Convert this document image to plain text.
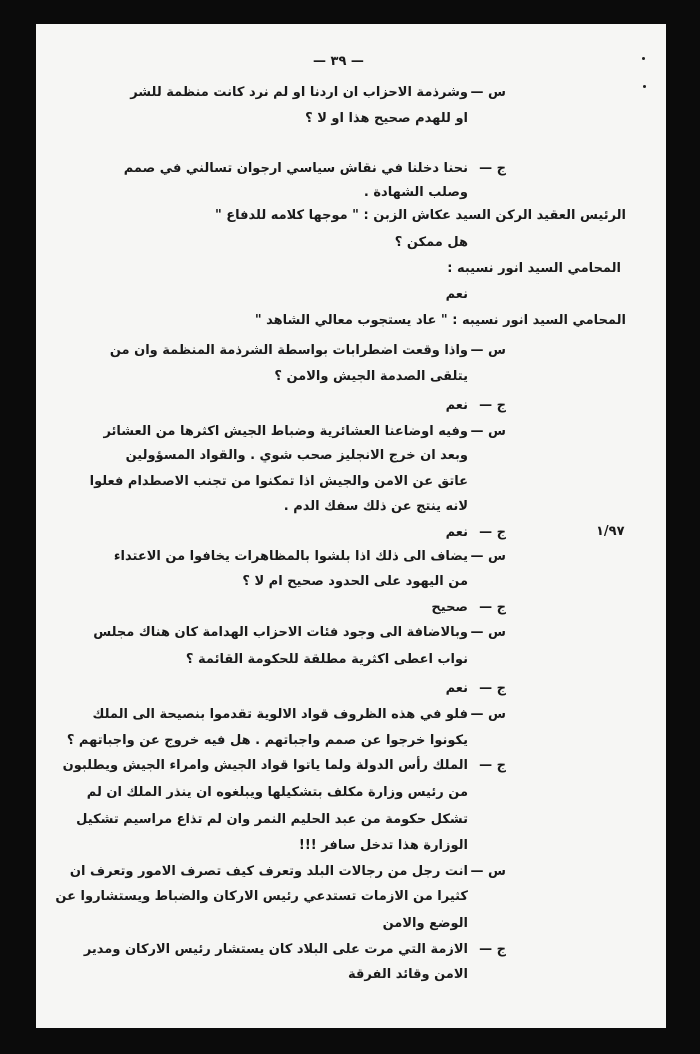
— ٣٩ —
١/٩٧
س —
وشرذمة الاحزاب ان اردنا او لم نرد كانت منظمة للشر
او للهدم صحيح هذا او لا ؟
ج —
نحنا دخلنا في نقاش سياسي ارجوان تسالني في صمم
وصلب الشهادة .
الرئيس العقيد الركن السيد عكاش الزبن : " موجها كلامه للدفاع "
هل ممكن ؟
المحامي السيد انور نسيبه :
نعم
المحامي السيد انور نسيبه : " عاد يستجوب معالي الشاهد "
س —
واذا وقعت اضطرابات بواسطة الشرذمة المنظمة وان من
يتلقى الصدمة الجيش والامن ؟
ج —
نعم
س —
وفيه اوضاعنا العشائرية وضباط الجيش اكثرها من العشائر
وبعد ان خرج الانجليز صحب شوي . والقواد المسؤولين
عاتق عن الامن والجيش اذا تمكنوا من تجنب الاصطدام فعلوا
لانه ينتج عن ذلك سفك الدم .
ج —
نعم
س —
يضاف الى ذلك اذا بلشوا بالمظاهرات يخافوا من الاعتداء
من اليهود على الحدود صحيح ام لا ؟
ج —
صحيح
س —
وبالاضافة الى وجود فئات الاحزاب الهدامة كان هناك مجلس
نواب اعطى اكثرية مطلقة للحكومة القائمة ؟
ج —
نعم
س —
فلو في هذه الظروف قواد الالوية تقدموا بنصيحة الى الملك
يكونوا خرجوا عن صمم واجباتهم . هل فيه خروج عن واجباتهم ؟
ج —
الملك رأس الدولة ولما ياتوا قواد الجيش وامراء الجيش ويطلبون
من رئيس وزارة مكلف بتشكيلها ويبلغوه ان ينذر الملك ان لم
تشكل حكومة من عبد الحليم النمر وان لم تذاع مراسيم تشكيل
الوزارة هذا تدخل سافر !!!
س —
انت رجل من رجالات البلد وتعرف كيف تصرف الامور وتعرف ان
كثيرا من الازمات تستدعي رئيس الاركان والضباط ويستشاروا عن
الوضع والامن
ج —
الازمة التي مرت على البلاد كان يستشار رئيس الاركان ومدير
الامن وقائد الفرقة
